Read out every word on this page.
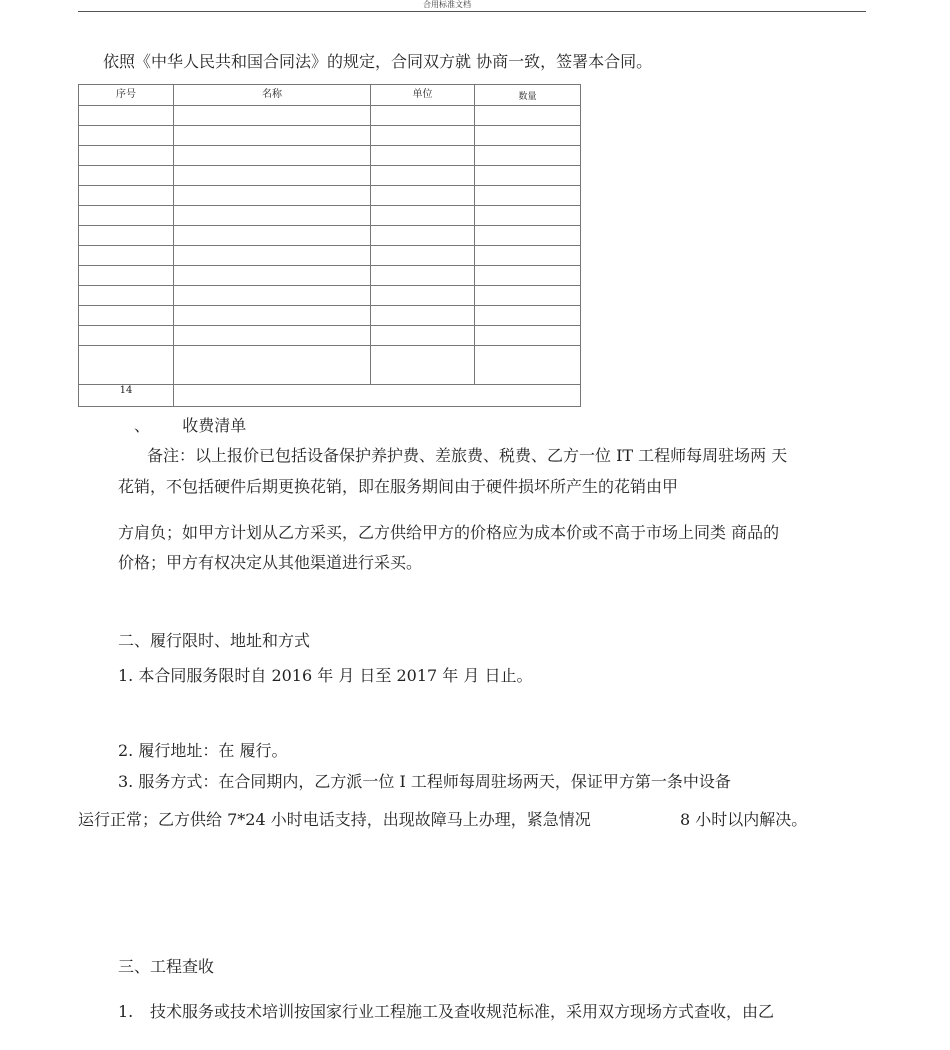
合用标准文档
依照《中华人民共和国合同法》的规定，合同双方就 协商一致，签署本合同。
序号	名称	单位	数量

14			
、 收费清单
备注：以上报价已包括设备保护养护费、差旅费、税费、乙方一位 IT 工程师每周驻场两 天
花销，不包括硬件后期更换花销，即在服务期间由于硬件损坏所产生的花销由甲
方肩负；如甲方计划从乙方采买，乙方供给甲方的价格应为成本价或不高于市场上同类 商品的
价格；甲方有权决定从其他渠道进行采买。
二、履行限时、地址和方式
1. 本合同服务限时自 2016 年 月 日至 2017 年 月 日止。
2. 履行地址：在 履行。
3. 服务方式：在合同期内，乙方派一位 I 工程师每周驻场两天，保证甲方第一条中设备
运行正常；乙方供给 7*24 小时电话支持，出现故障马上办理，紧急情况	8 小时以内解决。
三、工程查收
1. 技术服务或技术培训按国家行业工程施工及查收规范标准，采用双方现场方式查收，由乙
